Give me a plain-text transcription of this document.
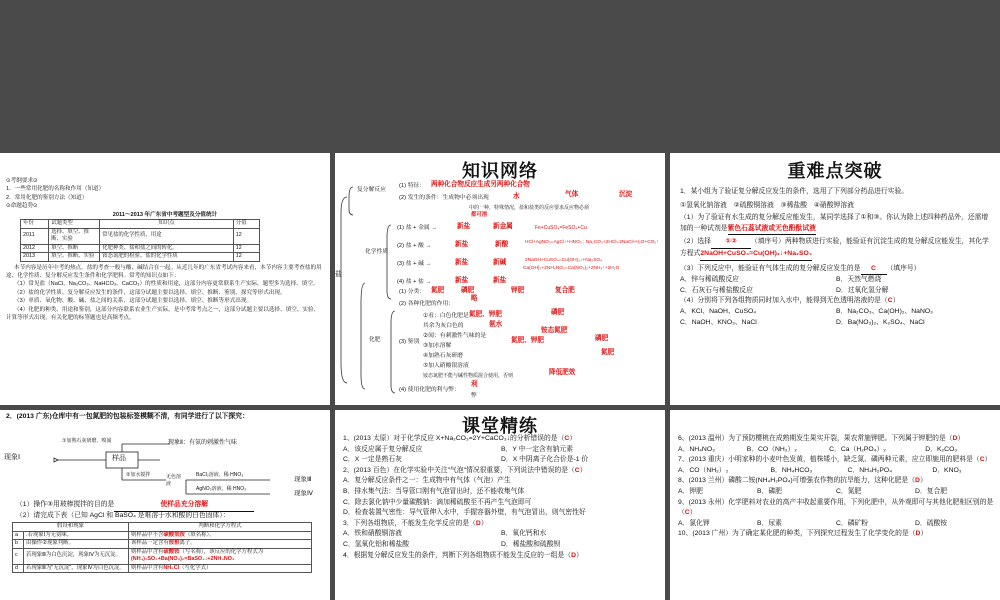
⊙考纲要求⊙
1．一些常用化肥的名称和作用（知道）
2．常用化肥的鉴别方法（知道）
⊙命题趋势⊙
2011～2013 年广东省中考题型及分值统计
年份	试题类型	知识点	分值
2011	选择、填空、推断、实验	常见盐的化学性质、用途	12
2012	填空、推断	化肥种类、盐和盐之间的转化。	12
2013	填空、推断、实验	铵态氮肥的检验、盐的化学性质	12
本节内容是历年中考的热点，盐的考查一般与酸、碱结合在一起。从近几年的广东省考试内容来看，本节内容主要考查盐的用途、化学性质、复分解反应发生条件和化学肥料。常考的知识点如下：
（1）常见盐（NaCl、Na₂CO₃、NaHCO₃、CaCO₃）的性质和用途，这部分内容更常联系生产实际，题型多为选择、填空。
（2）盐的化学性质、复分解反应发生的条件，这部分试题主要以选择、填空、推断、鉴别、探究等形式出现。
（3）单质、氧化物、酸、碱、盐之间的关系，这部分试题主要以选择、填空、推断等形式出现。
（4）化肥的种类、用途和鉴别，这部分内容联系农业生产实际，是中考常考点之一，这部分试题主要以选择、填空、实验、计算等形式出现，有关化肥的标签题也是高频考点。
知识网络
盐
复分解反应
(1) 特征： 两种化合物反应生成另两种化合物
(2) 发生的条件：生成物中必须出现	水	气体	沉淀
中的一种，特殊情况，盐和盐类的反应要求反应物必须
都可溶
化学性质
(1) 盐 + 金属 →	新盐	新金属	Fe+CuSO₄=FeSO₄+Cu
(2) 盐 + 酸 →	新盐	新酸	HCl+AgNO₃=AgCl↓+HNO₃ ; Na₂CO₃+2HCl=2NaCl+H₂O+CO₂↑
(3) 盐 + 碱 →	新盐	新碱	2NaOH+CuSO₄=Cu(OH)₂↓+Na₂SO₄
(4) 盐 + 盐 →	新盐	新盐
Ca(OH)₂+2NH₄NO₃=Ca(NO₃)₂+2NH₃↑+2H₂O
化肥
(1) 分类： 氮肥	磷肥	钾肥	复合肥
(2) 各种化肥的作用：
略
(3) 鉴别
①看：白色化肥是
其余为灰白色的
②闻：有刺激性气味的是
③加水溶解
④加熟石灰研磨
⑤加入硝酸银溶液
氮肥、钾肥	磷肥
氨水
铵态氮肥
氮肥、钾肥	磷肥
氮肥
铵态氮肥不能与碱性物质混合使用，否则	降低肥效
(4) 使用化肥的利与弊：
利
弊
重难点突破
1．某小组为了验证复分解反应发生的条件，选用了下列部分药品进行实验。
①氢氧化钠溶液　②硫酸铜溶液　③稀盐酸　④硝酸钾溶液
（1）为了验证有水生成的复分解反应能发生，某同学选择了①和③。你认为除上述四种药品外，还需增加的一种试剂是紫色石蕊试液或无色酚酞试液
（2）选择 ①② （填序号）两种物质进行实验，能验证有沉淀生成的复分解反应能发生，其化学方程式2NaOH+CuSO₄=Cu(OH)₂↓+Na₂SO₄
（3）下列反应中，能验证有气体生成的复分解反应发生的是 C （填序号）
A．锌与稀硫酸反应	B．天然气燃烧
C．石灰石与稀盐酸反应	D．过氧化氢分解
（4）分别将下列各组物质同时加入水中，能得到无色透明溶液的是（C）
A．KCl、NaOH、CuSO₄	B．Na₂CO₃、Ca(OH)₂、NaNO₃
C．NaOH、KNO₃、NaCl	D．Ba(NO₃)₂、K₂SO₄、NaCl
2．(2013 广东)仓库中有一包氮肥的包装标签模糊不清，有同学进行了以下探究：
现象Ⅰ	样品
①加熟石灰研磨、嗅闻	现象Ⅱ：有氨的刺激性气味
②加水搅拌	无色溶液
BaCl₂溶液、稀 HNO₃
AgNO₃溶液、稀 HNO₃
现象Ⅲ
现象Ⅳ
（1）操作③用玻棒搅拌的目的是	使样品充分溶解
（2）请完成下表（已知 AgCl 和 BaSO₄ 是难溶于水和酸的白色固体）：
假设和现象		判断和化学方程式
a	.若现象Ⅰ为无氨味。	则样品中不含碳酸氢铵（填名称）。
b	由操作②现象判断。	该样品一定含有铵根离子。
c	若现象Ⅲ为白色沉淀，现象Ⅳ为无沉淀。	则样品中含有硫酸铵（写名称），该反应的化学方程式为
(NH₄)₂SO₄+Ba(NO₃)₂=BaSO₄↓+2NH₄NO₃
d	若现象Ⅲ为"无沉淀"，现象Ⅳ为白色沉淀。	则样品中含有NH₄Cl（写化学式）
课堂精练
1、(2013 太原）对于化学反应 X+Na₂CO₃=2Y+CaCO₃↓的分析错误的是（C）
A．该反应属于复分解反应	B．Y 中一定含有钠元素
C．X 一定是熟石灰	D．X 中阴离子化合价是-1 价
2、(2013 百色）在化学实验中关注"气泡"情况很重要，下列说法中错误的是（C）
A．复分解反应条件之一：生成物中有气体（气泡）产生
B．排水集气法：当导管口刚有气泡冒出时，还不能收集气体
C．除去氯化钠中少量碳酸钠：滴加稀硫酸至不再产生气泡即可
D．检查装置气密性：导气管伸入水中，手握容器外壁，有气泡冒出，则气密性好
3．下列各组物质，不能发生化学反应的是（D）
A．铁和硝酸铜溶液	B．氧化钙和水
C．氢氧化铝和稀盐酸	D．稀盐酸和硫酸钡
4．根据复分解反应发生的条件，判断下列各组物质不能发生反应的一组是（D）
6、(2013 温州）为了预防樱桃在成熟期发生果实开裂，果农常施钾肥。下列属于钾肥的是（D）
A．NH₄NO₃	B．CO（NH₂）₂	C．Ca（H₂PO₄）₂	D．K₂CO₃
7、(2013 重庆）小明家种的小麦叶色发黄，植株矮小，缺乏氮、磷两种元素，应立即施用的肥料是（C）
A．CO（NH₂）₂	B．NH₄HCO₃	C．NH₄H₂PO₄	D．KNO₃
8、(2013 兰州）磷酸二铵(NH₄H₂PO₄)可增强农作物的抗旱能力，这种化肥是（D）
A．钾肥	B．磷肥	C．氮肥	D．复合肥
9、(2013 永州）化学肥料对农业的高产丰收起重要作用，下列化肥中，从外观即可与其他化肥相区别的是（C）
A．氯化钾	B．尿素	C．磷矿粉	D．硫酸铵
10、(2013 广州）为了确定某化肥的种类，下列探究过程发生了化学变化的是（D）
